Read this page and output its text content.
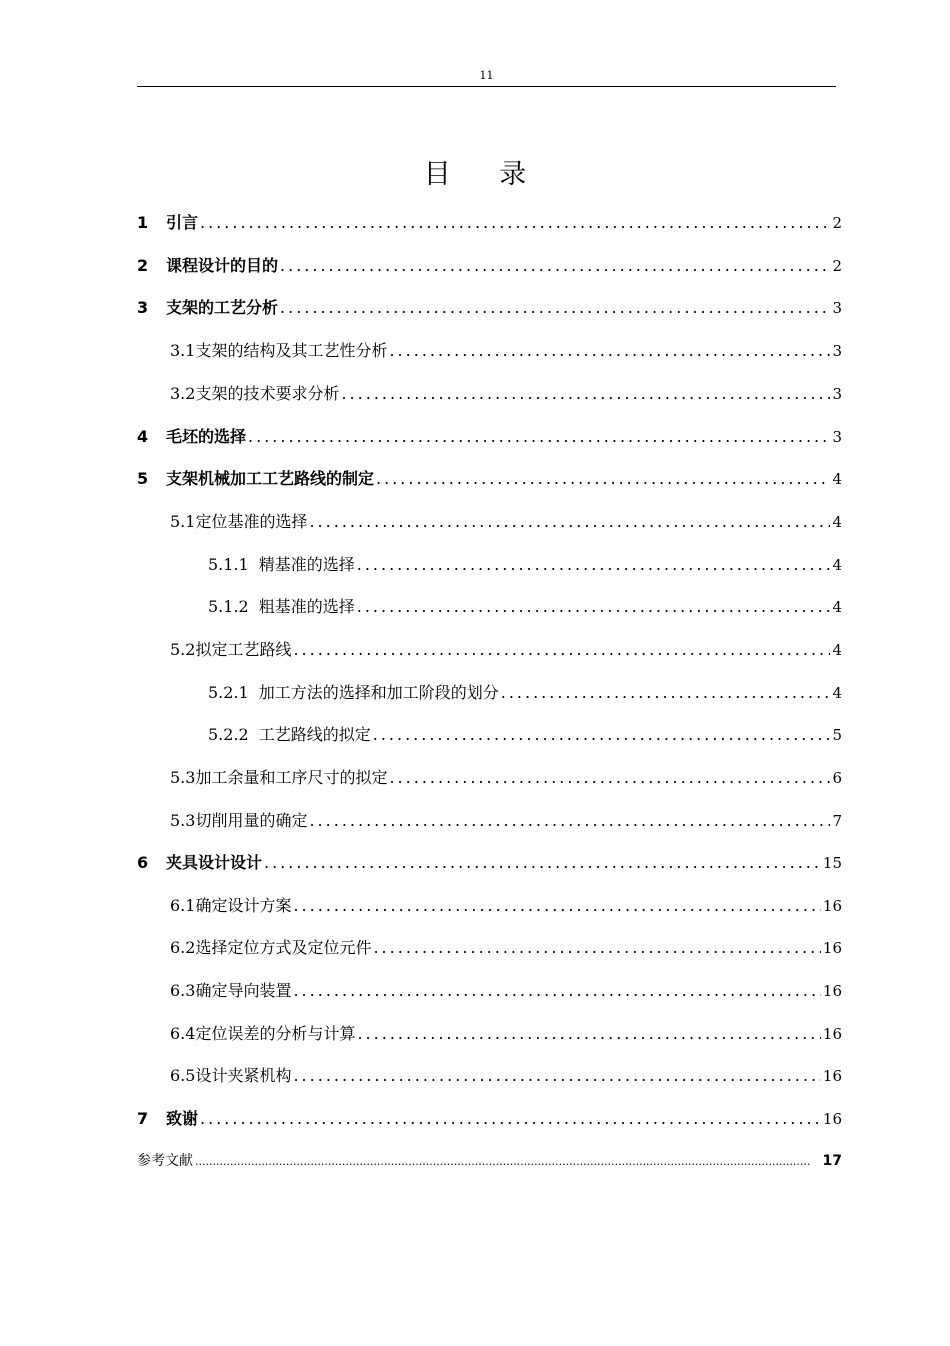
11
目 录
1	引言 .....	2
2	课程设计的目的 .....	2
3	支架的工艺分析 .....	3
3.1 支架的结构及其工艺性分析 .....	3
3.2 支架的技术要求分析 .....	3
4	毛坯的选择 .....	3
5	支架机械加工工艺路线的制定 .....	4
5.1 定位基准的选择 .....	4
5.1.1 精基准的选择 .....	4
5.1.2 粗基准的选择 .....	4
5.2 拟定工艺路线 .....	4
5.2.1 加工方法的选择和加工阶段的划分 .....	4
5.2.2 工艺路线的拟定 .....	5
5.3 加工余量和工序尺寸的拟定 .....	6
5.3 切削用量的确定 .....	7
6	夹具设计设计 .....	15
6.1 确定设计方案 .....	16
6.2 选择定位方式及定位元件 .....	16
6.3 确定导向装置 .....	16
6.4 定位误差的分析与计算 .....	16
6.5 设计夹紧机构 .....	16
7	致谢 .....	16
参考文献 .....	17
